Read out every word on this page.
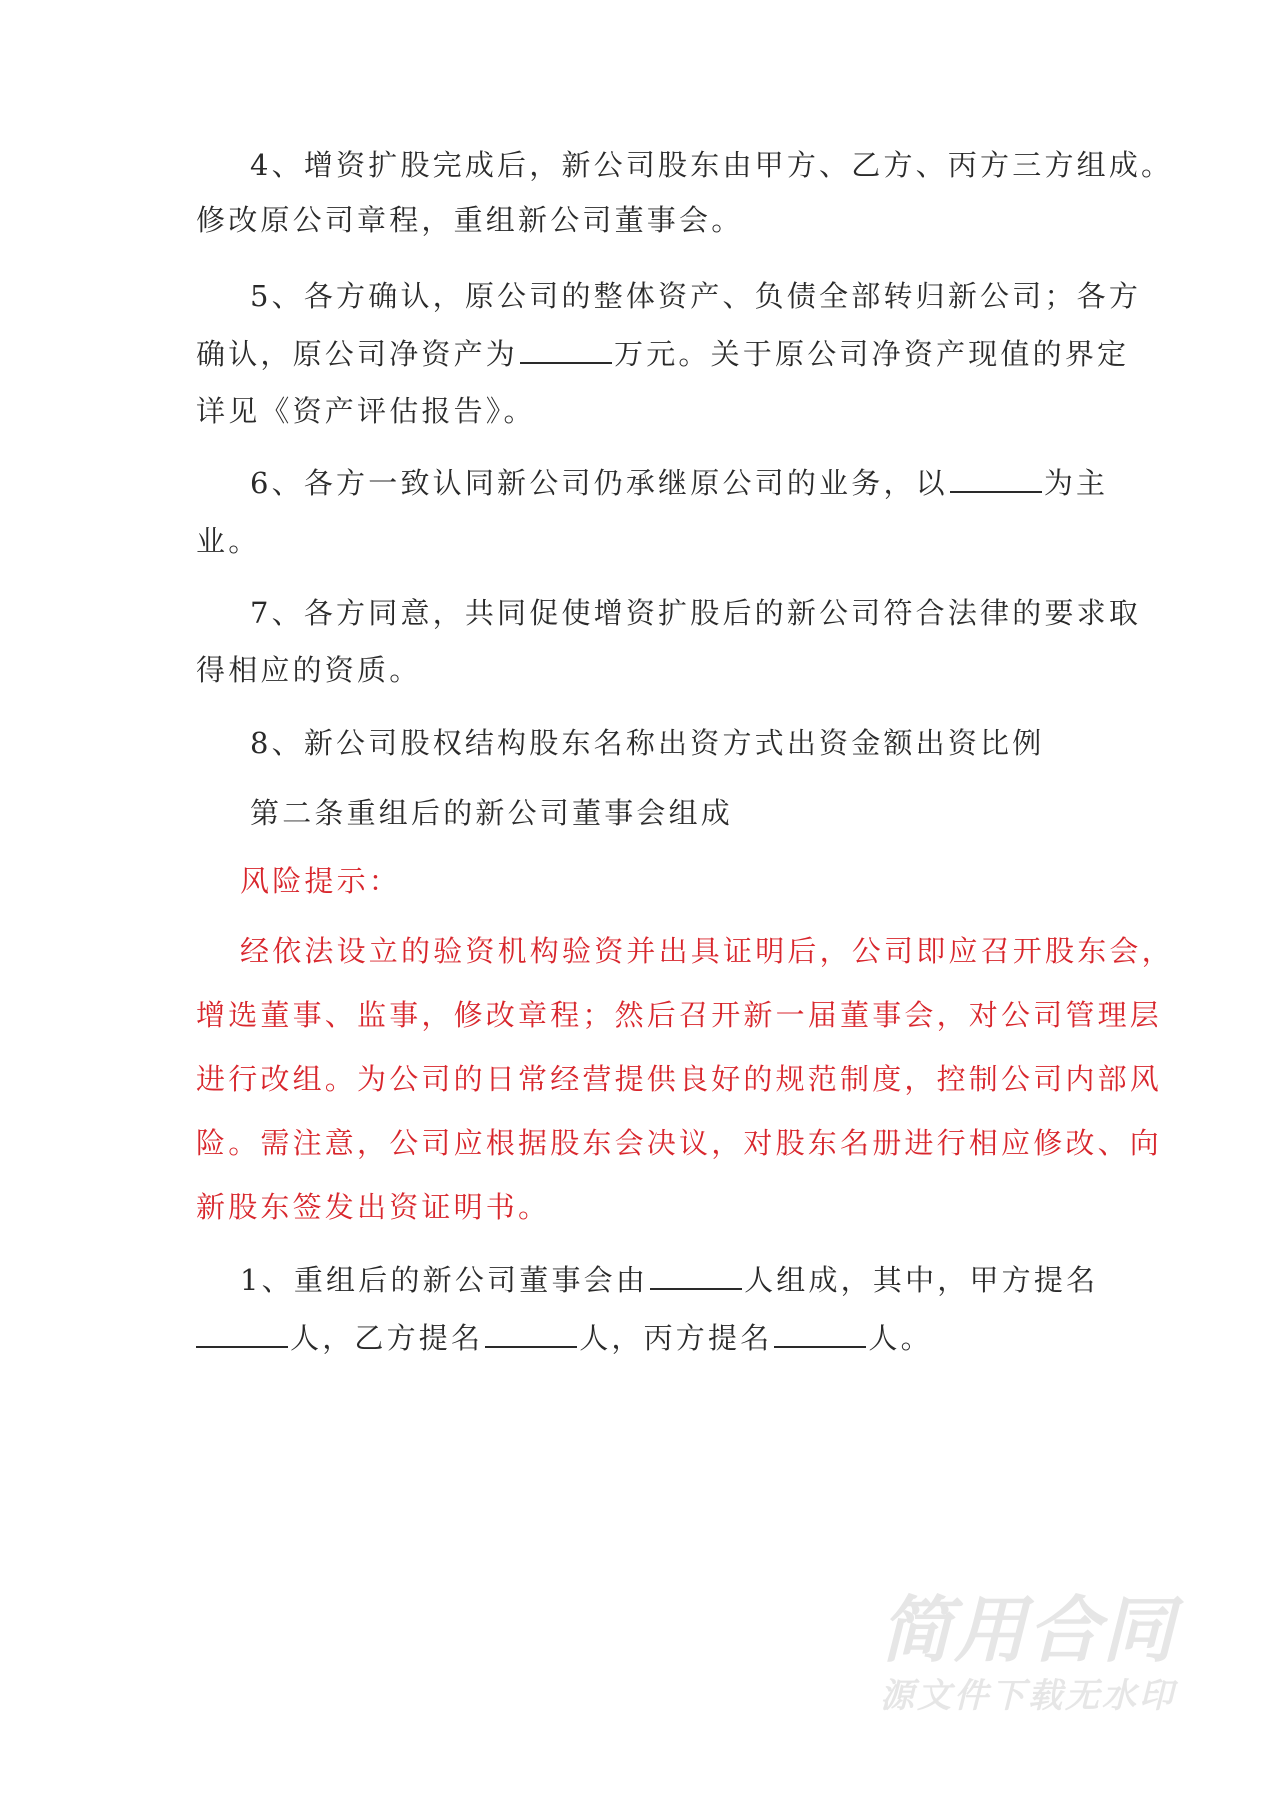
4、增资扩股完成后，新公司股东由甲方、乙方、丙方三方组成。
修改原公司章程，重组新公司董事会。
5、各方确认，原公司的整体资产、负债全部转归新公司；各方
确认，原公司净资产为	万元。关于原公司净资产现值的界定
详见《资产评估报告》。
6、各方一致认同新公司仍承继原公司的业务，以	为主
业。
7、各方同意，共同促使增资扩股后的新公司符合法律的要求取
得相应的资质。
8、新公司股权结构股东名称出资方式出资金额出资比例
第二条重组后的新公司董事会组成
风险提示：
经依法设立的验资机构验资并出具证明后，公司即应召开股东会，
增选董事、监事，修改章程；然后召开新一届董事会，对公司管理层
进行改组。为公司的日常经营提供良好的规范制度，控制公司内部风
险。需注意，公司应根据股东会决议，对股东名册进行相应修改、向
新股东签发出资证明书。
1、重组后的新公司董事会由	人组成，其中，甲方提名
人，乙方提名	人，丙方提名	人。
简用合同
源文件下载无水印
